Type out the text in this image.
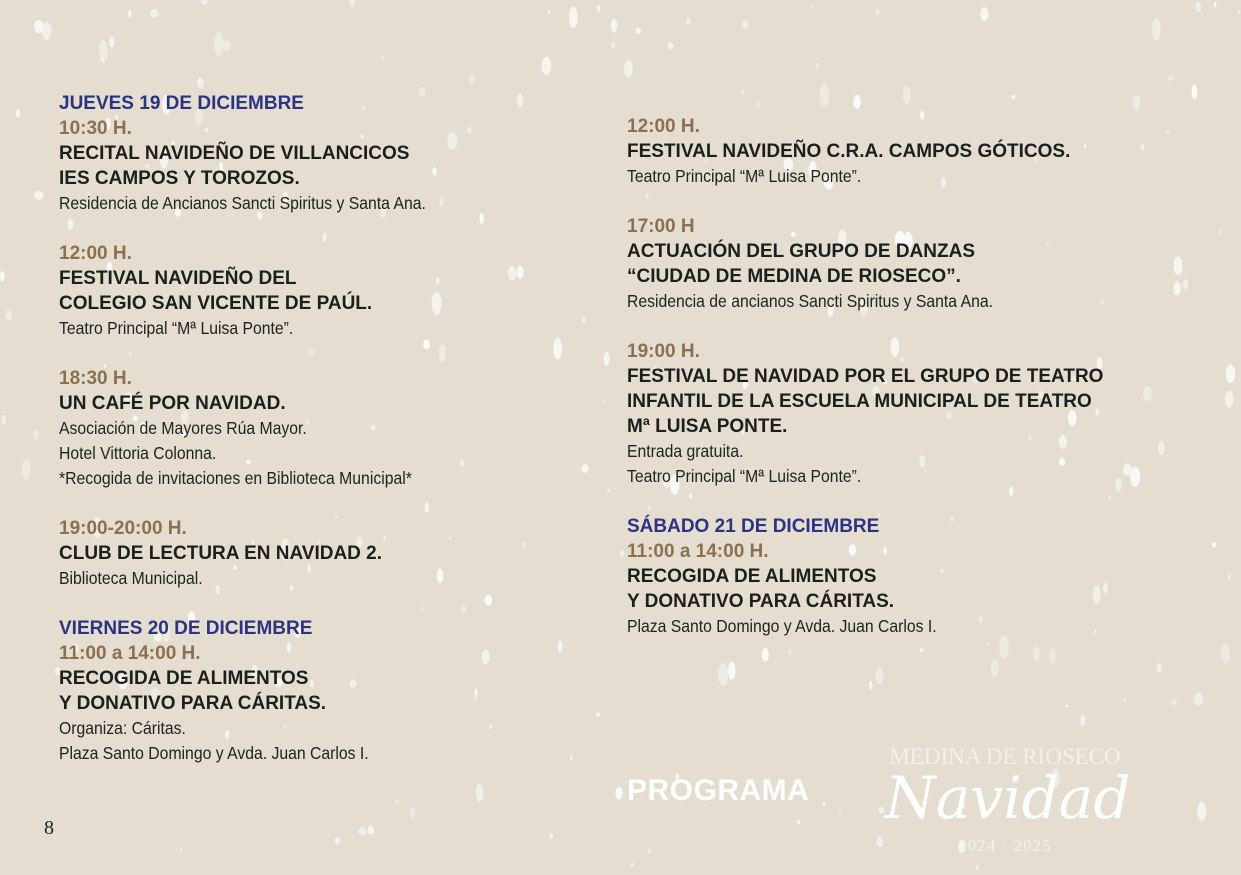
JUEVES 19 DE DICIEMBRE
10:30 H.
RECITAL NAVIDEÑO DE VILLANCICOS
IES CAMPOS Y TOROZOS.
Residencia de Ancianos Sancti Spiritus y Santa Ana.
12:00 H.
FESTIVAL NAVIDEÑO DEL
COLEGIO SAN VICENTE DE PAÚL.
Teatro Principal “Mª Luisa Ponte”.
18:30 H.
UN CAFÉ POR NAVIDAD.
Asociación de Mayores Rúa Mayor.
Hotel Vittoria Colonna.
*Recogida de invitaciones en Biblioteca Municipal*
19:00-20:00 H.
CLUB DE LECTURA EN NAVIDAD 2.
Biblioteca Municipal.
VIERNES 20 DE DICIEMBRE
11:00 a 14:00 H.
RECOGIDA DE ALIMENTOS
Y DONATIVO PARA CÁRITAS.
Organiza: Cáritas.
Plaza Santo Domingo y Avda. Juan Carlos I.
12:00 H.
FESTIVAL NAVIDEÑO C.R.A. CAMPOS GÓTICOS.
Teatro Principal “Mª Luisa Ponte”.
17:00 H
ACTUACIÓN DEL GRUPO DE DANZAS
“CIUDAD DE MEDINA DE RIOSECO”.
Residencia de ancianos Sancti Spiritus y Santa Ana.
19:00 H.
FESTIVAL DE NAVIDAD POR EL GRUPO DE TEATRO
INFANTIL DE LA ESCUELA MUNICIPAL DE TEATRO
Mª LUISA PONTE.
Entrada gratuita.
Teatro Principal “Mª Luisa Ponte”.
SÁBADO 21 DE DICIEMBRE
11:00 a 14:00 H.
RECOGIDA DE ALIMENTOS
Y DONATIVO PARA CÁRITAS.
Plaza Santo Domingo y Avda. Juan Carlos I.
PROGRAMA
8
MEDINA DE RIOSECO
Navidad
2024 · 2025
